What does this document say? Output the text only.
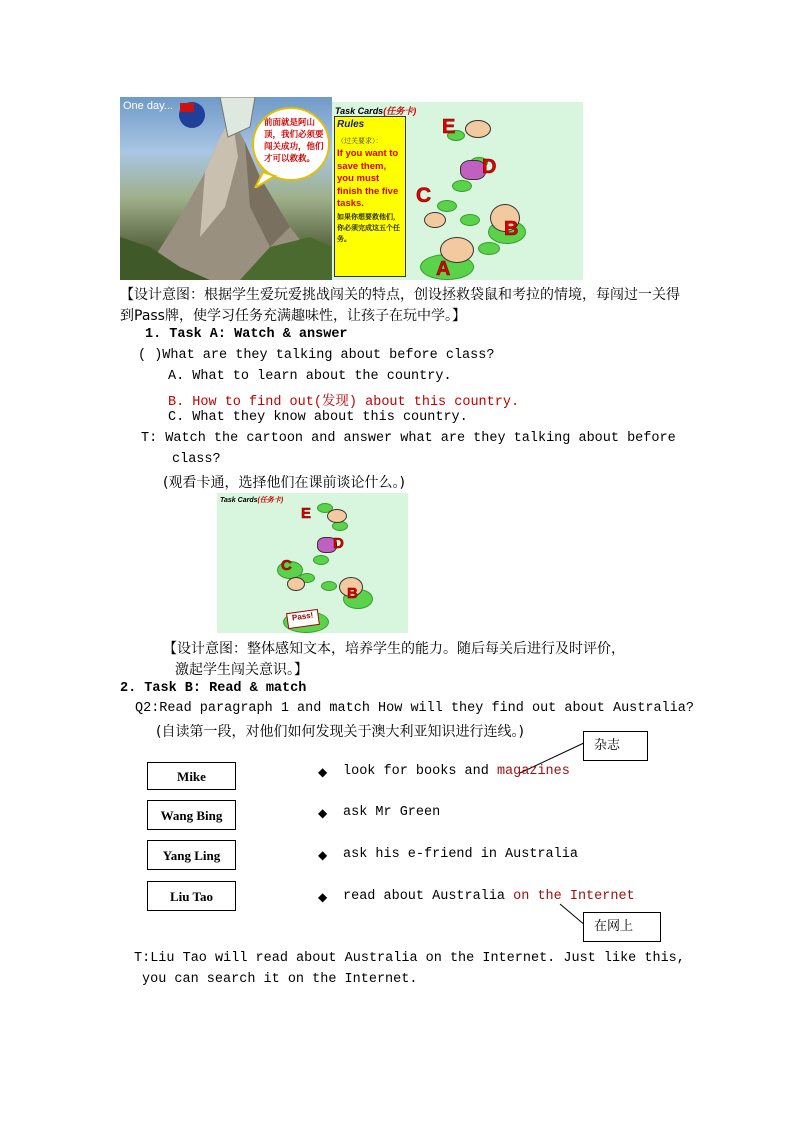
One day...
前面就是阿山顶，我们必须要闯关成功，他们才可以救救。
Task Cards(任务卡)
Rules
（过关要求）：
If you want to save them, you must finish the five tasks.
如果你想要救他们，你必须完成这五个任务。
E
D
C
B
A
【设计意图：根据学生爱玩爱挑战闯关的特点，创设拯救袋鼠和考拉的情境，每闯过一关得到Pass牌，使学习任务充满趣味性，让孩子在玩中学。】
1. Task A: Watch & answer
( )What are they talking about before class?
A. What to learn about the country.
B. How to find out(发现) about this country.
C. What they know about this country.
T: Watch the cartoon and answer what are they talking about before
class?
(观看卡通，选择他们在课前谈论什么。)
Task Cards(任务卡)
E
D
C
B
Pass!
【设计意图：整体感知文本，培养学生的能力。随后每关后进行及时评价，
激起学生闯关意识。】
2. Task B: Read & match
Q2:Read paragraph 1 and match How will they find out about Australia?
(自读第一段，对他们如何发现关于澳大利亚知识进行连线。)
杂志
在网上
Mike
Wang Bing
Yang Ling
Liu Tao
◆ look for books and magazines
◆ ask Mr Green
◆ ask his e-friend in Australia
◆ read about Australia on the Internet
T:Liu Tao will read about Australia on the Internet. Just like this,
you can search it on the Internet.
